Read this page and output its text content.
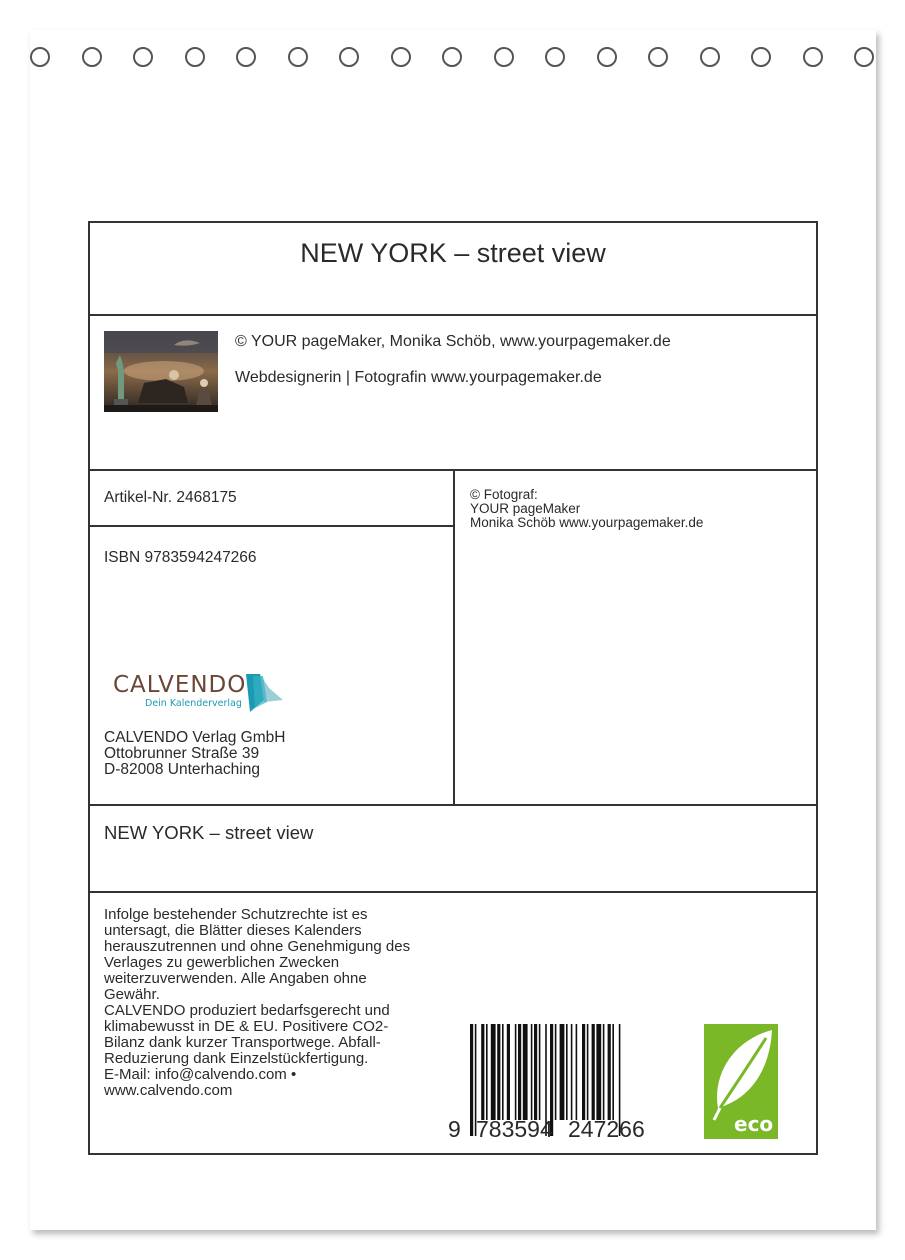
NEW YORK – street view
© YOUR pageMaker, Monika Schöb, www.yourpagemaker.de
Webdesignerin | Fotografin www.yourpagemaker.de
Artikel-Nr. 2468175	© Fotograf:
YOUR pageMaker
Monika Schöb www.yourpagemaker.de
ISBN 9783594247266
CALVENDO
Dein Kalenderverlag
CALVENDO Verlag GmbH
Ottobrunner Straße 39
D-82008 Unterhaching
NEW YORK – street view
Infolge bestehender Schutzrechte ist es
untersagt, die Blätter dieses Kalenders
herauszutrennen und ohne Genehmigung des
Verlages zu gewerblichen Zwecken
weiterzuverwenden. Alle Angaben ohne
Gewähr.
CALVENDO produziert bedarfsgerecht und
klimabewusst in DE & EU. Positivere CO2-
Bilanz dank kurzer Transportwege. Abfall-
Reduzierung dank Einzelstückfertigung.
E-Mail: info@calvendo.com •
www.calvendo.com
9 783594 247266	eco
